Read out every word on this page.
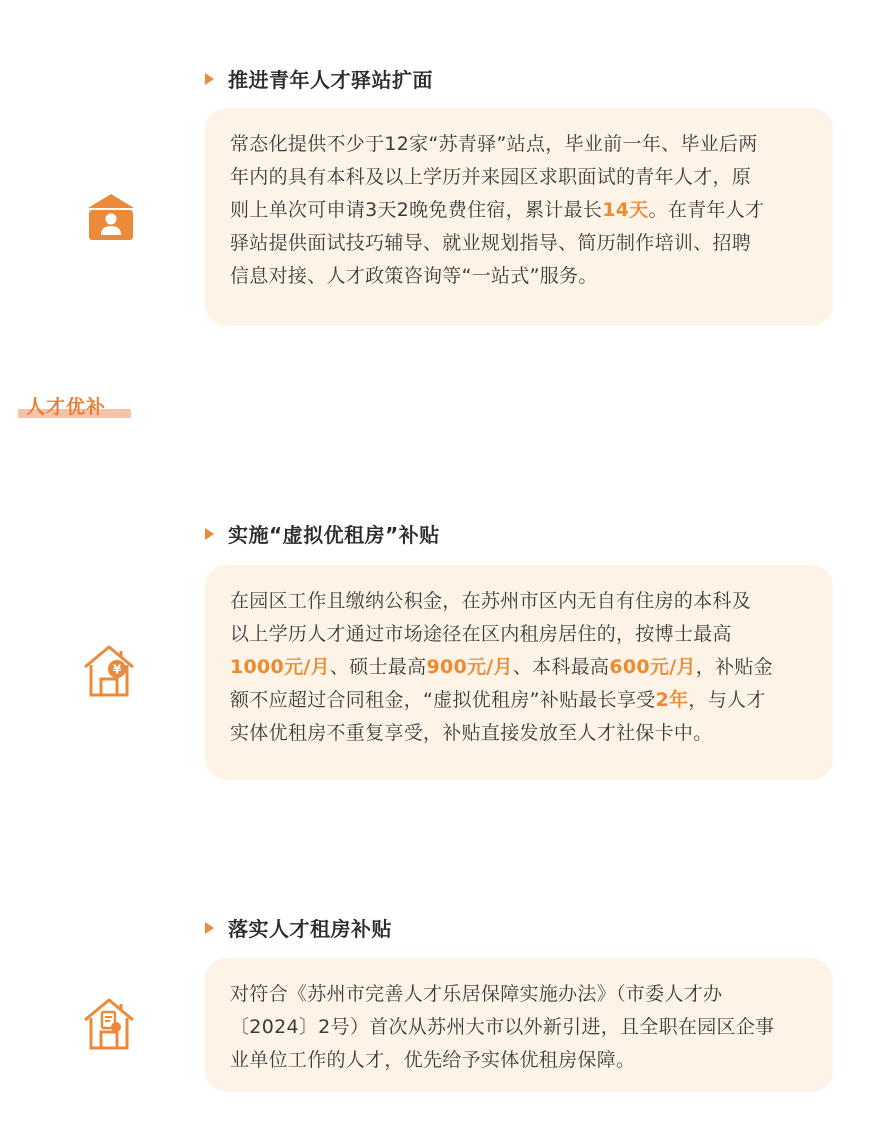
推进青年人才驿站扩面

常态化提供不少于12家“苏青驿”站点，毕业前一年、毕业后两
年内的具有本科及以上学历并来园区求职面试的青年人才，原
则上单次可申请3天2晚免费住宿，累计最长14天。在青年人才
驿站提供面试技巧辅导、就业规划指导、简历制作培训、招聘
信息对接、人才政策咨询等“一站式”服务。

人才优补
实施“虚拟优租房”补贴
¥

在园区工作且缴纳公积金，在苏州市区内无自有住房的本科及
以上学历人才通过市场途径在区内租房居住的，按博士最高
1000元/月、硕士最高900元/月、本科最高600元/月，补贴金
额不应超过合同租金，“虚拟优租房”补贴最长享受2年，与人才
实体优租房不重复享受，补贴直接发放至人才社保卡中。

落实人才租房补贴

对符合《苏州市完善人才乐居保障实施办法》（市委人才办
〔2024〕2号）首次从苏州大市以外新引进，且全职在园区企事
业单位工作的人才，优先给予实体优租房保障。
